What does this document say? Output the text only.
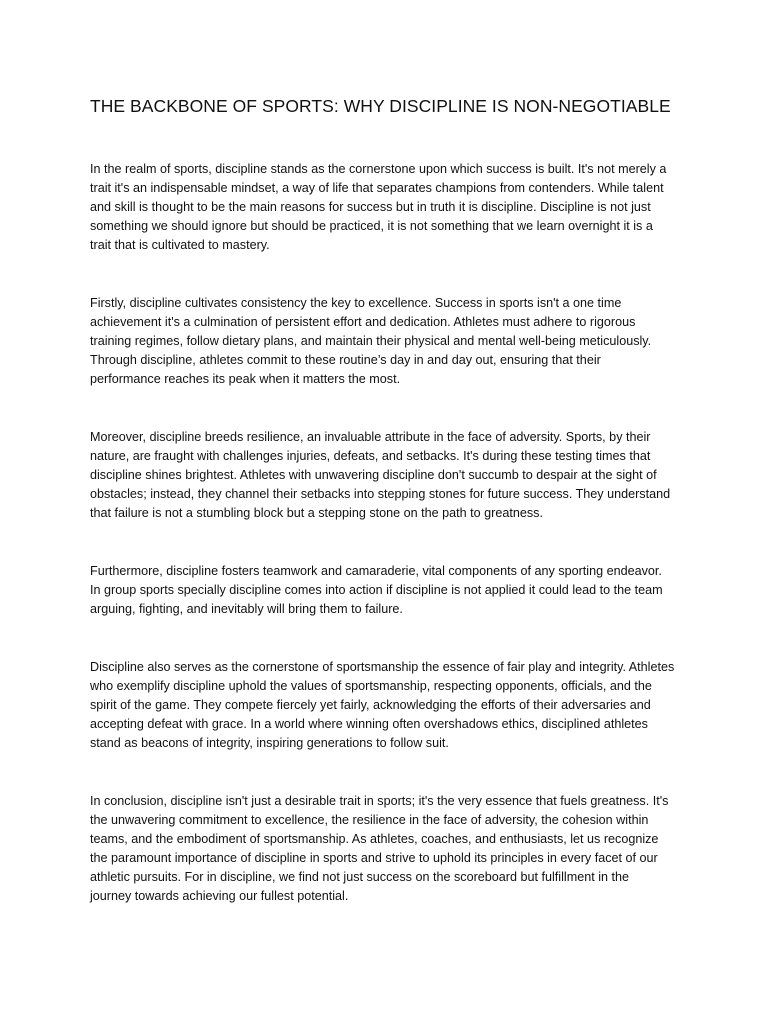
THE BACKBONE OF SPORTS: WHY DISCIPLINE IS NON-NEGOTIABLE

In the realm of sports, discipline stands as the cornerstone upon which success is built. It's not merely a
trait it's an indispensable mindset, a way of life that separates champions from contenders. While talent
and skill is thought to be the main reasons for success but in truth it is discipline. Discipline is not just
something we should ignore but should be practiced, it is not something that we learn overnight it is a
trait that is cultivated to mastery.

Firstly, discipline cultivates consistency the key to excellence. Success in sports isn't a one time
achievement it's a culmination of persistent effort and dedication. Athletes must adhere to rigorous
training regimes, follow dietary plans, and maintain their physical and mental well-being meticulously.
Through discipline, athletes commit to these routine’s day in and day out, ensuring that their
performance reaches its peak when it matters the most.

Moreover, discipline breeds resilience, an invaluable attribute in the face of adversity. Sports, by their
nature, are fraught with challenges injuries, defeats, and setbacks. It's during these testing times that
discipline shines brightest. Athletes with unwavering discipline don't succumb to despair at the sight of
obstacles; instead, they channel their setbacks into stepping stones for future success. They understand
that failure is not a stumbling block but a stepping stone on the path to greatness.

Furthermore, discipline fosters teamwork and camaraderie, vital components of any sporting endeavor.
In group sports specially discipline comes into action if discipline is not applied it could lead to the team
arguing, fighting, and inevitably will bring them to failure.

Discipline also serves as the cornerstone of sportsmanship the essence of fair play and integrity. Athletes
who exemplify discipline uphold the values of sportsmanship, respecting opponents, officials, and the
spirit of the game. They compete fiercely yet fairly, acknowledging the efforts of their adversaries and
accepting defeat with grace. In a world where winning often overshadows ethics, disciplined athletes
stand as beacons of integrity, inspiring generations to follow suit.

In conclusion, discipline isn't just a desirable trait in sports; it's the very essence that fuels greatness. It's
the unwavering commitment to excellence, the resilience in the face of adversity, the cohesion within
teams, and the embodiment of sportsmanship. As athletes, coaches, and enthusiasts, let us recognize
the paramount importance of discipline in sports and strive to uphold its principles in every facet of our
athletic pursuits. For in discipline, we find not just success on the scoreboard but fulfillment in the
journey towards achieving our fullest potential.
